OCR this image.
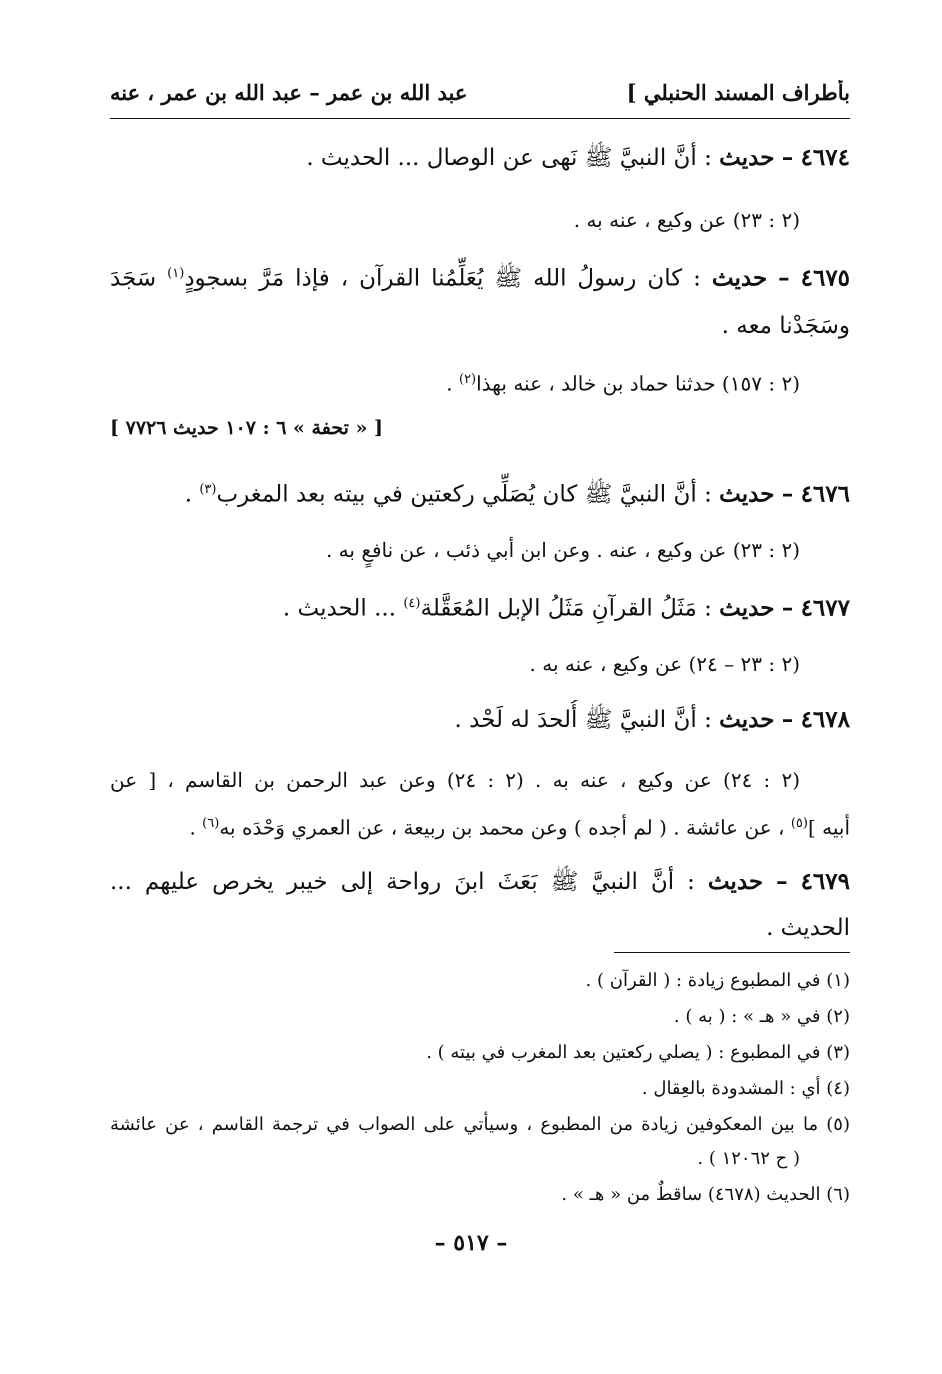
بأطراف المسند الحنبلي ]
عبد الله بن عمر – عبد الله بن عمر ، عنه
٤٦٧٤ – حديث : أنَّ النبيَّ ﷺ نَهى عن الوصال ... الحديث .
(٢ : ٢٣) عن وكيع ، عنه به .
٤٦٧٥ – حديث : كان رسولُ الله ﷺ يُعَلِّمُنا القرآن ، فإذا مَرَّ بسجودٍ$^{(١)}$ سَجَدَ
وسَجَدْنا معه .
(٢ : ١٥٧) حدثنا حماد بن خالد ، عنه بهذا$^{(٢)}$ .
[ « تحفة » ٦ : ١٠٧ حديث ٧٧٢٦ ]
٤٦٧٦ – حديث : أنَّ النبيَّ ﷺ كان يُصَلِّي ركعتين في بيته بعد المغرب$^{(٣)}$ .
(٢ : ٢٣) عن وكيع ، عنه . وعن ابن أبي ذئب ، عن نافعٍ به .
٤٦٧٧ – حديث : مَثَلُ القرآنِ مَثَلُ الإبل المُعَقَّلة$^{(٤)}$ ... الحديث .
(٢ : ٢٣ – ٢٤) عن وكيع ، عنه به .
٤٦٧٨ – حديث : أنَّ النبيَّ ﷺ أُلحدَ له لَحْد .
(٢ : ٢٤) عن وكيع ، عنه به . (٢ : ٢٤) وعن عبد الرحمن بن القاسم ، [ عن
أبيه ]$^{(٥)}$ ، عن عائشة . ( لم أجده ) وعن محمد بن ربيعة ، عن العمري وَحْدَه به$^{(٦)}$ .
٤٦٧٩ – حديث : أنَّ النبيَّ ﷺ بَعَثَ ابنَ رواحة إلى خيبر يخرص عليهم ...
الحديث .
(١) في المطبوع زيادة : ( القرآن ) .
(٢) في « هـ » : ( به ) .
(٣) في المطبوع : ( يصلي ركعتين بعد المغرب في بيته ) .
(٤) أي : المشدودة بالعِقال .
(٥) ما بين المعكوفين زيادة من المطبوع ، وسيأتي على الصواب في ترجمة القاسم ، عن عائشة
( ح ١٢٠٦٢ ) .
(٦) الحديث (٤٦٧٨) ساقطٌ من « هـ » .
– ٥١٧ –
